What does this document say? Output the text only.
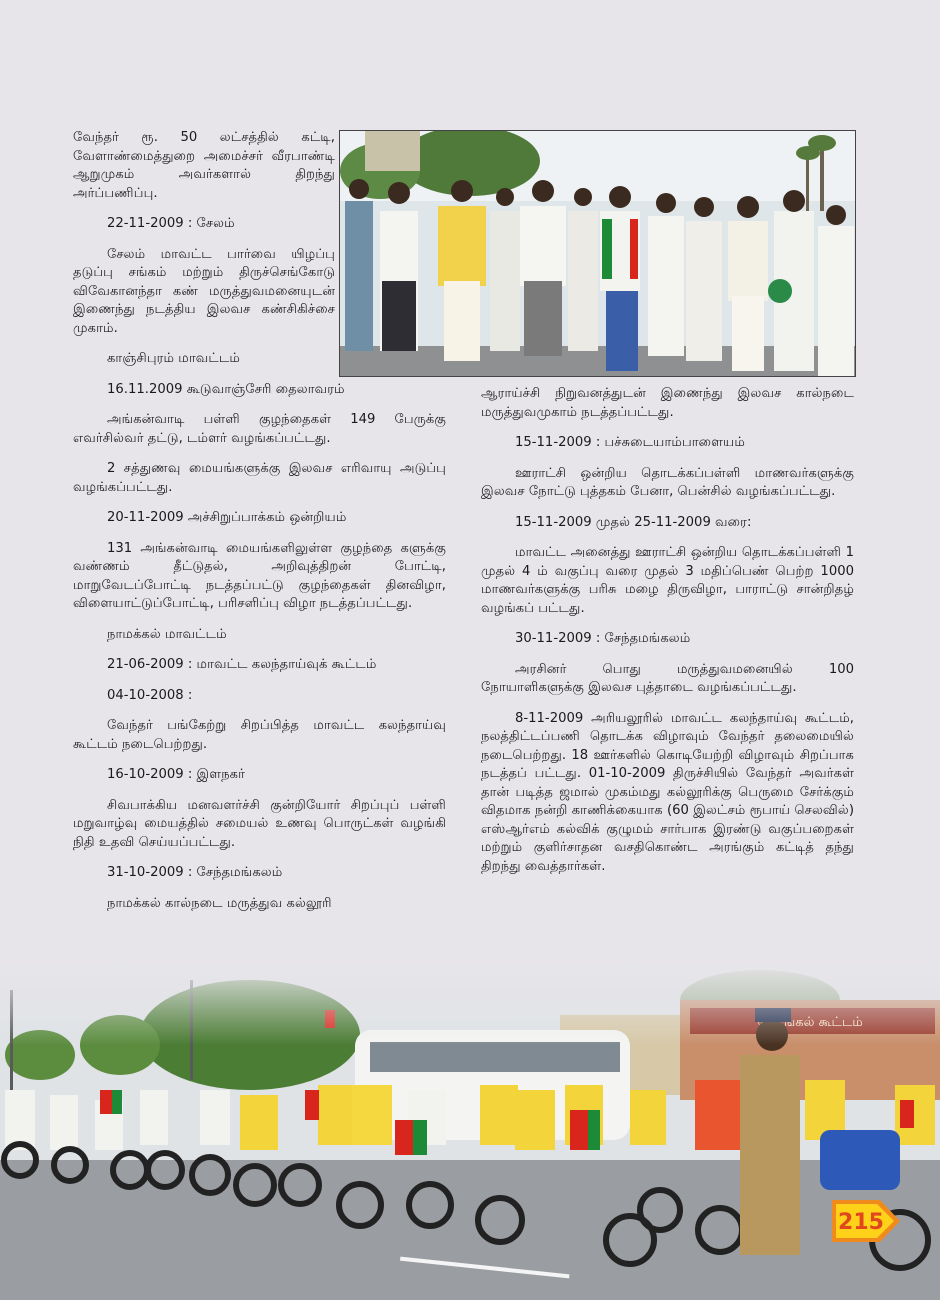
வேந்தர் ரூ. 50 லட்சத்தில் கட்டி, வேளாண்மைத்துறை அமைச்சர் வீரபாண்டி ஆறுமுகம் அவர்களால் திறந்து அர்ப்பணிப்பு.

22-11-2009 : சேலம்

சேலம் மாவட்ட பார்வை யிழப்பு தடுப்பு சங்கம் மற்றும் திருச்செங்கோடு விவேகானந்தா கண் மருத்துவமனையுடன் இணைந்து நடத்திய இலவச கண்சிகிச்சை முகாம்.

காஞ்சிபுரம் மாவட்டம்

16.11.2009 கூடுவாஞ்சேரி தைலாவரம்

அங்கன்வாடி பள்ளி குழந்தைகள் 149 பேருக்கு எவர்சில்வர் தட்டு, டம்ளர் வழங்கப்பட்டது.

2 சத்துணவு மையங்களுக்கு இலவச எரிவாயு அடுப்பு வழங்கப்பட்டது.

20-11-2009 அச்சிறுப்பாக்கம் ஒன்றியம்

131 அங்கன்வாடி மையங்களிலுள்ள குழந்தை களுக்கு வண்ணம் தீட்டுதல், அறிவுத்திறன் போட்டி, மாறுவேடப்போட்டி நடத்தப்பட்டு குழந்தைகள் தினவிழா, விளையாட்டுப்போட்டி, பரிசளிப்பு விழா நடத்தப்பட்டது.

நாமக்கல் மாவட்டம்

21-06-2009 : மாவட்ட கலந்தாய்வுக் கூட்டம்

04-10-2008 :

வேந்தர் பங்கேற்று சிறப்பித்த மாவட்ட கலந்தாய்வு கூட்டம் நடைபெற்றது.

16-10-2009 : இளநகர்

சிவபாக்கிய மனவளர்ச்சி குன்றியோர் சிறப்புப் பள்ளி மறுவாழ்வு மையத்தில் சமையல் உணவு பொருட்கள் வழங்கி நிதி உதவி செய்யப்பட்டது.

31-10-2009 : சேந்தமங்கலம்

நாமக்கல் கால்நடை மருத்துவ கல்லூரி

ஆராய்ச்சி நிறுவனத்துடன் இணைந்து இலவச கால்நடை மருத்துவமுகாம் நடத்தப்பட்டது.

15-11-2009 : பச்சுடையாம்பாளையம்

ஊராட்சி ஒன்றிய தொடக்கப்பள்ளி மாணவர்களுக்கு இலவச நோட்டு புத்தகம் பேனா, பென்சில் வழங்கப்பட்டது.

15-11-2009 முதல் 25-11-2009 வரை:

மாவட்ட அனைத்து ஊராட்சி ஒன்றிய தொடக்கப்பள்ளி 1 முதல் 4 ம் வகுப்பு வரை முதல் 3 மதிப்பெண் பெற்ற 1000 மாணவர்களுக்கு பரிசு மழை திருவிழா, பாராட்டு சான்றிதழ் வழங்கப் பட்டது.

30-11-2009 : சேந்தமங்கலம்

அரசினர் பொது மருத்துவமனையில் 100 நோயாளிகளுக்கு இலவச புத்தாடை வழங்கப்பட்டது.

8-11-2009 அரியலூரில் மாவட்ட கலந்தாய்வு கூட்டம், நலத்திட்டப்பணி தொடக்க விழாவும் வேந்தர் தலைமையில் நடைபெற்றது. 18 ஊர்களில் கொடியேற்றி விழாவும் சிறப்பாக நடத்தப் பட்டது. 01-10-2009 திருச்சியில் வேந்தர் அவர்கள் தான் படித்த ஜமால் முகம்மது கல்லூரிக்கு பெருமை சேர்க்கும் விதமாக நன்றி காணிக்கையாக (60 இலட்சம் ரூபாய் செலவில்) எஸ்ஆர்எம் கல்விக் குழுமம் சார்பாக இரண்டு வகுப்பறைகள் மற்றும் குளிர்சாதன வசதிகொண்ட அரங்கும் கட்டித் தந்து திறந்து வைத்தார்கள்.

215
